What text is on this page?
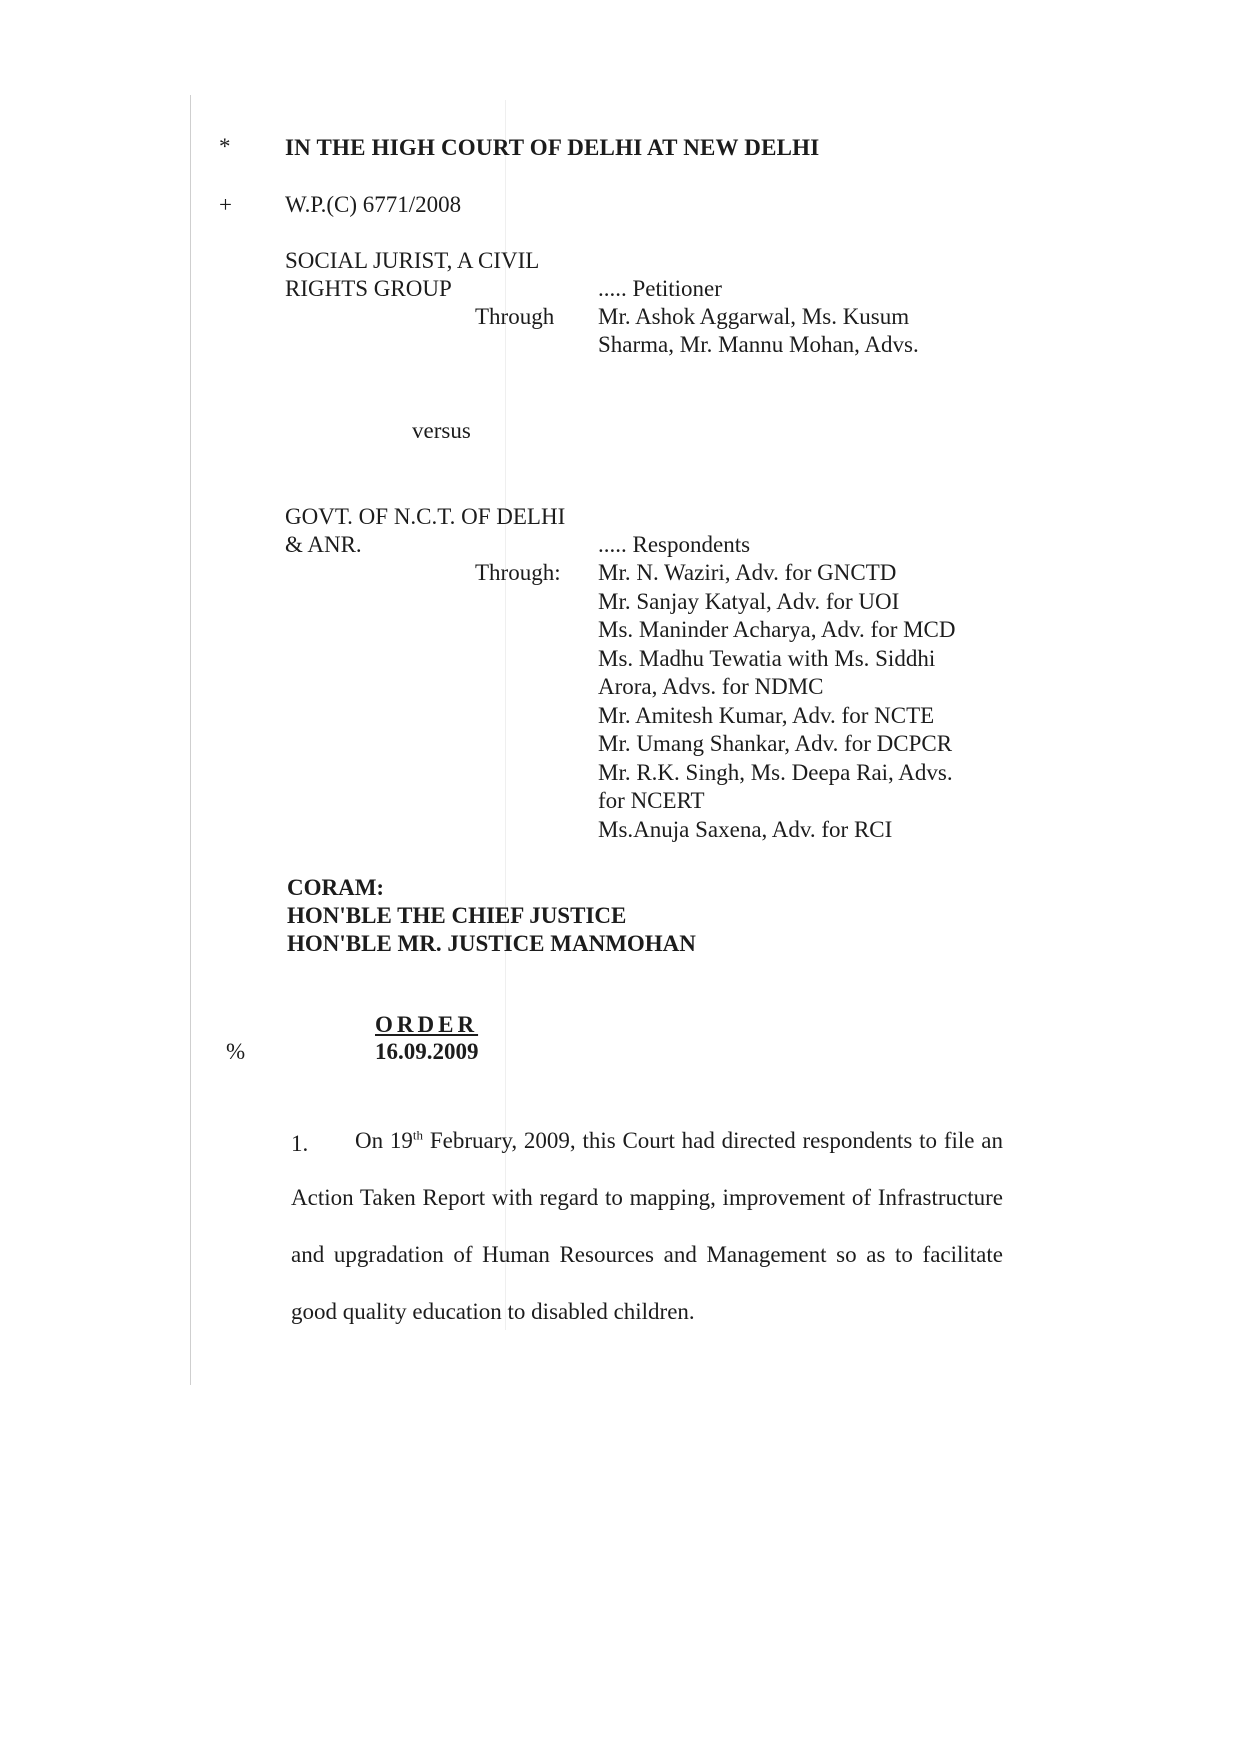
*
+
%
IN THE HIGH COURT OF DELHI AT NEW DELHI
W.P.(C) 6771/2008
SOCIAL JURIST, A CIVIL
RIGHTS GROUP	..... Petitioner
Through Mr. Ashok Aggarwal, Ms. Kusum
Sharma, Mr. Mannu Mohan, Advs.
versus
GOVT. OF N.C.T. OF DELHI
& ANR.	..... Respondents
Through: Mr. N. Waziri, Adv. for GNCTD
Mr. Sanjay Katyal, Adv. for UOI
Ms. Maninder Acharya, Adv. for MCD
Ms. Madhu Tewatia with Ms. Siddhi
Arora, Advs. for NDMC
Mr. Amitesh Kumar, Adv. for NCTE
Mr. Umang Shankar, Adv. for DCPCR
Mr. R.K. Singh, Ms. Deepa Rai, Advs.
for NCERT
Ms.Anuja Saxena, Adv. for RCI
CORAM:
HON'BLE THE CHIEF JUSTICE
HON'BLE MR. JUSTICE MANMOHAN
ORDER
16.09.2009
1.	On 19th February, 2009, this Court had directed respondents to file an Action Taken Report with regard to mapping, improvement of Infrastructure and upgradation of Human Resources and Management so as to facilitate good quality education to disabled children.
